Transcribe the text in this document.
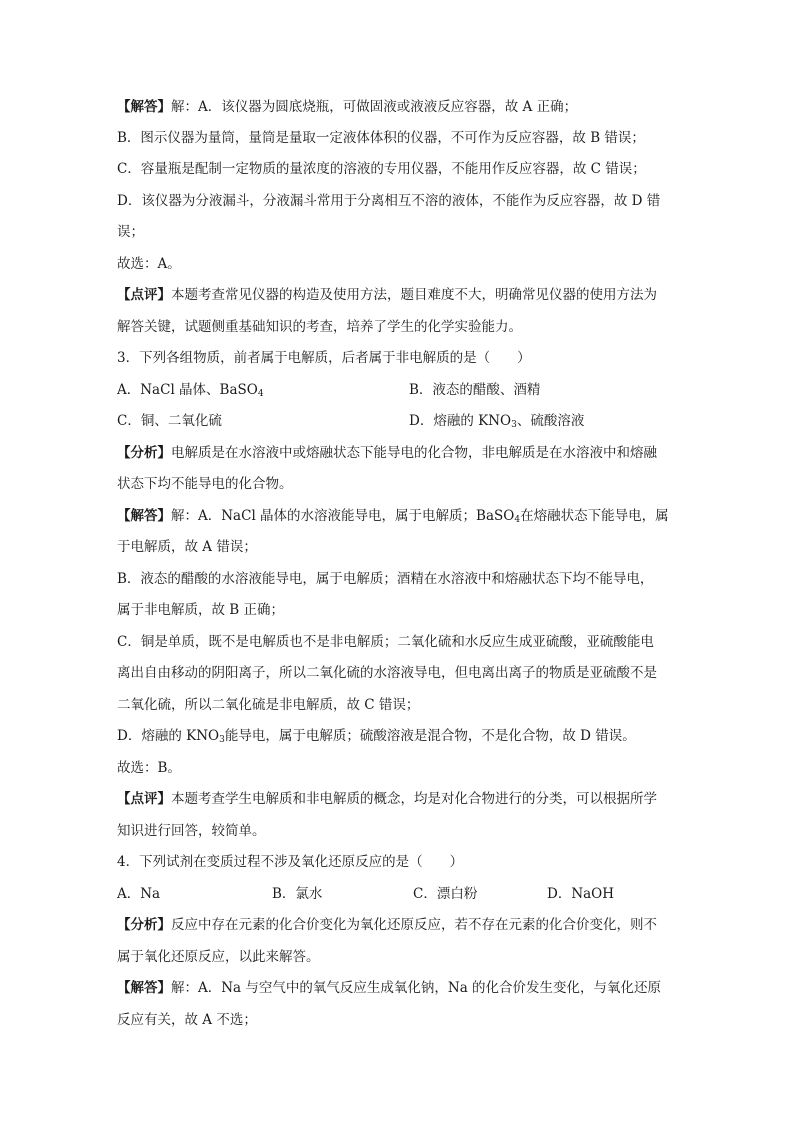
【解答】解：A．该仪器为圆底烧瓶，可做固液或液液反应容器，故 A 正确；
B．图示仪器为量筒，量筒是量取一定液体体积的仪器，不可作为反应容器，故 B 错误；
C．容量瓶是配制一定物质的量浓度的溶液的专用仪器，不能用作反应容器，故 C 错误；
D．该仪器为分液漏斗，分液漏斗常用于分离相互不溶的液体，不能作为反应容器，故 D 错
误；
故选：A。
【点评】本题考查常见仪器的构造及使用方法，题目难度不大，明确常见仪器的使用方法为
解答关键，试题侧重基础知识的考查，培养了学生的化学实验能力。
3．下列各组物质，前者属于电解质，后者属于非电解质的是（　　）
A．NaCl 晶体、BaSO$_4$	B．液态的醋酸、酒精
C．铜、二氧化硫	D．熔融的 $KNO_3$、硫酸溶液
【分析】电解质是在水溶液中或熔融状态下能导电的化合物，非电解质是在水溶液中和熔融
状态下均不能导电的化合物。
【解答】解：A．NaCl 晶体的水溶液能导电，属于电解质；BaSO$_4$在熔融状态下能导电，属
于电解质，故 A 错误；
B．液态的醋酸的水溶液能导电，属于电解质；酒精在水溶液中和熔融状态下均不能导电，
属于非电解质，故 B 正确；
C．铜是单质，既不是电解质也不是非电解质；二氧化硫和水反应生成亚硫酸，亚硫酸能电
离出自由移动的阴阳离子，所以二氧化硫的水溶液导电，但电离出离子的物质是亚硫酸不是
二氧化硫，所以二氧化硫是非电解质，故 C 错误；
D．熔融的 $KNO_3$能导电，属于电解质；硫酸溶液是混合物，不是化合物，故 D 错误。
故选：B。
【点评】本题考查学生电解质和非电解质的概念，均是对化合物进行的分类，可以根据所学
知识进行回答，较简单。
4．下列试剂在变质过程不涉及氧化还原反应的是（　　）
A．Na	B．氯水	C．漂白粉	D．NaOH
【分析】反应中存在元素的化合价变化为氧化还原反应，若不存在元素的化合价变化，则不
属于氧化还原反应，以此来解答。
【解答】解：A．Na 与空气中的氧气反应生成氧化钠，Na 的化合价发生变化，与氧化还原
反应有关，故 A 不选；
